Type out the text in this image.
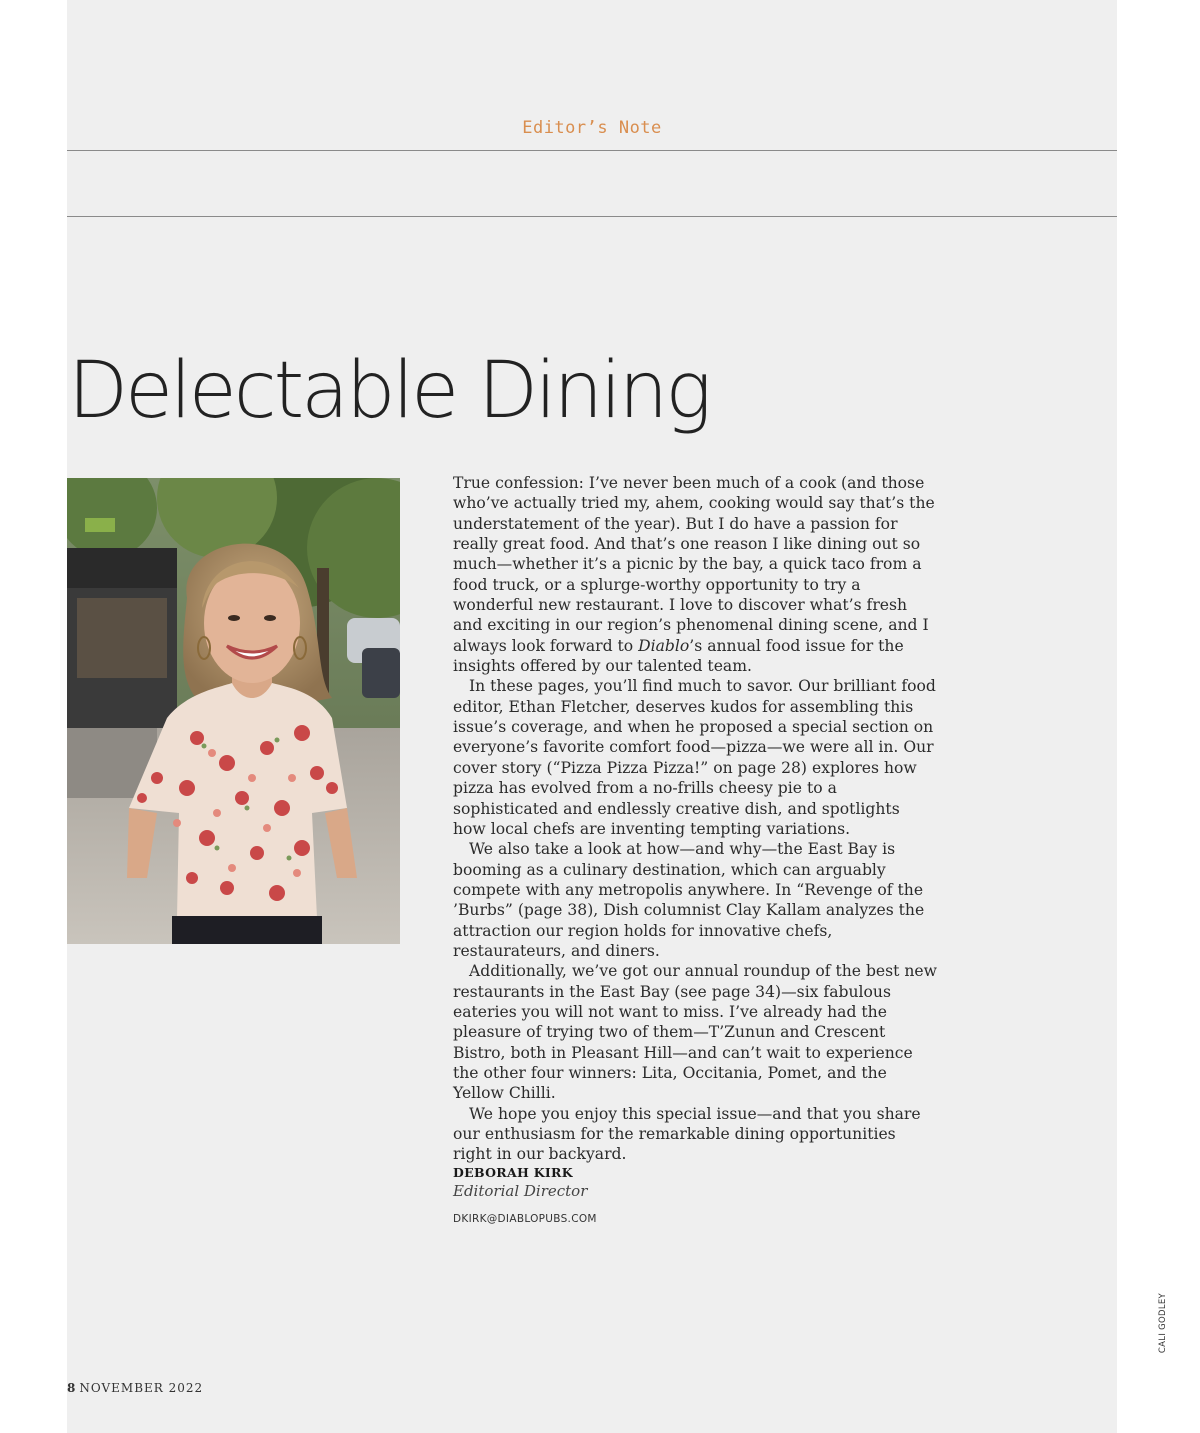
Editor’s Note
Delectable Dining

True confession: I’ve never been much of a cook (and those who’ve actually tried my, ahem, cooking would say that’s the understatement of the year). But I do have a passion for really great food. And that’s one reason I like dining out so much—whether it’s a picnic by the bay, a quick taco from a food truck, or a splurge-worthy opportunity to try a wonderful new restaurant. I love to discover what’s fresh and exciting in our region’s phenomenal dining scene, and I always look forward to Diablo’s annual food issue for the insights offered by our talented team.

In these pages, you’ll find much to savor. Our brilliant food editor, Ethan Fletcher, deserves kudos for assembling this issue’s coverage, and when he proposed a special section on everyone’s favorite comfort food—pizza—we were all in. Our cover story (“Pizza Pizza Pizza!” on page 28) explores how pizza has evolved from a no-frills cheesy pie to a sophisticated and endlessly creative dish, and spotlights how local chefs are inventing tempting variations.

We also take a look at how—and why—the East Bay is booming as a culinary destination, which can arguably compete with any metropolis anywhere. In “Revenge of the ’Burbs” (page 38), Dish columnist Clay Kallam analyzes the attraction our region holds for innovative chefs, restaurateurs, and diners.

Additionally, we’ve got our annual roundup of the best new restaurants in the East Bay (see page 34)—six fabulous eateries you will not want to miss. I’ve already had the pleasure of trying two of them—T’Zunun and Crescent Bistro, both in Pleasant Hill—and can’t wait to experience the other four winners: Lita, Occitania, Pomet, and the Yellow Chilli.

We hope you enjoy this special issue—and that you share our enthusiasm for the remarkable dining opportunities right in our backyard.

DEBORAH KIRK
Editorial Director
DKIRK@DIABLOPUBS.COM
CALI GODLEY
8 NOVEMBER 2022
